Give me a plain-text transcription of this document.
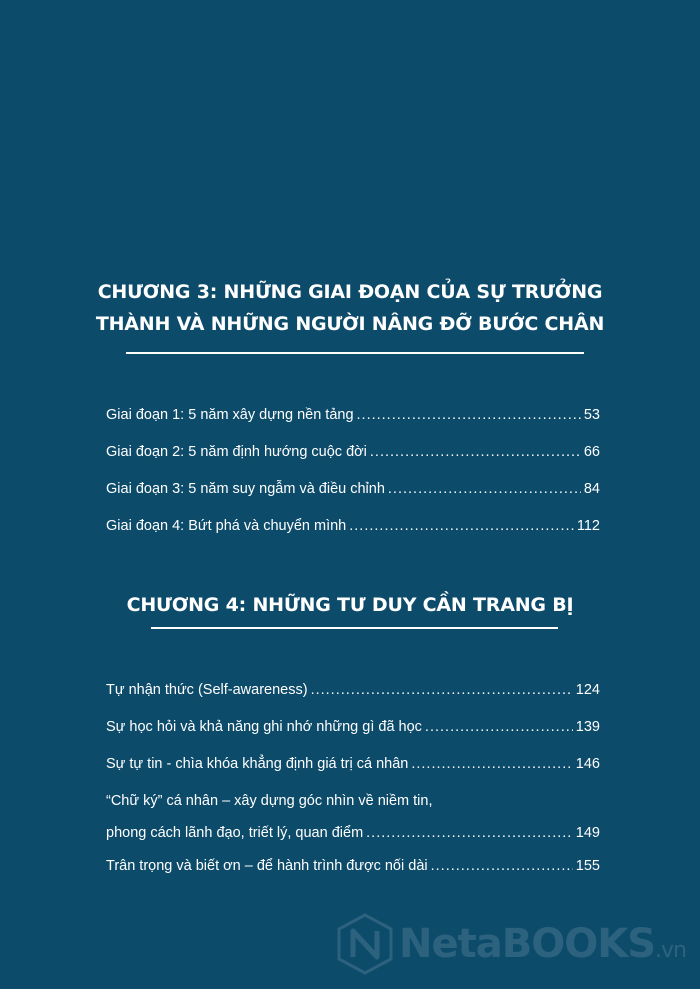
CHƯƠNG 3: NHỮNG GIAI ĐOẠN CỦA SỰ TRƯỞNG
THÀNH VÀ NHỮNG NGƯỜI NÂNG ĐỠ BƯỚC CHÂN
Giai đoạn 1: 5 năm xây dựng nền tảng .....	53
Giai đoạn 2: 5 năm định hướng cuộc đời .....	66
Giai đoạn 3: 5 năm suy ngẫm và điều chỉnh .....	84
Giai đoạn 4: Bứt phá và chuyển mình .....	112
CHƯƠNG 4: NHỮNG TƯ DUY CẦN TRANG BỊ
Tự nhận thức (Self-awareness) .....	124
Sự học hỏi và khả năng ghi nhớ những gì đã học .....	139
Sự tự tin - chìa khóa khẳng định giá trị cá nhân .....	146
“Chữ ký” cá nhân – xây dựng góc nhìn về niềm tin,
phong cách lãnh đạo, triết lý, quan điểm .....	149
Trân trọng và biết ơn – để hành trình được nối dài .....	155
NetaBOOKS.vn
